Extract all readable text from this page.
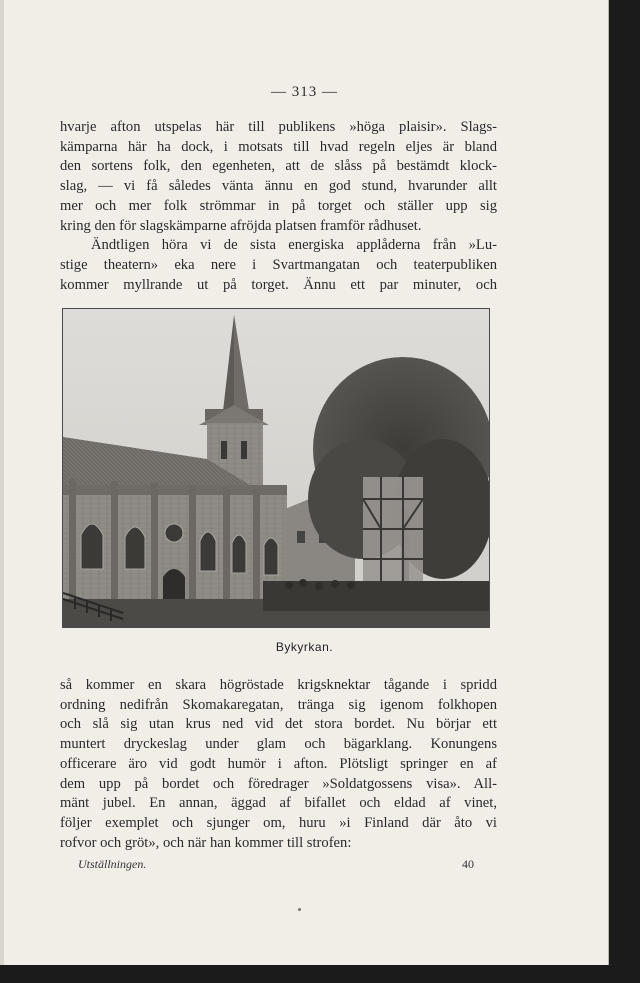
— 313 —

hvarje afton utspelas här till publikens »höga plaisir». Slags-
kämparna här ha dock, i motsats till hvad regeln eljes är bland
den sortens folk, den egenheten, att de slåss på bestämdt klock-
slag, — vi få således vänta ännu en god stund, hvarunder allt
mer och mer folk strömmar in på torget och ställer upp sig
kring den för slagskämparne afröjda platsen framför rådhuset.

Ändtligen höra vi de sista energiska applåderna från »Lu-
stige theatern» eka nere i Svartmangatan och teaterpubliken
kommer myllrande ut på torget. Ännu ett par minuter, och

Bykyrkan.

så kommer en skara högröstade krigsknektar tågande i spridd
ordning nedifrån Skomakaregatan, tränga sig igenom folkhopen
och slå sig utan krus ned vid det stora bordet. Nu börjar ett
muntert dryckeslag under glam och bägarklang. Konungens
officerare äro vid godt humör i afton. Plötsligt springer en af
dem upp på bordet och föredrager »Soldatgossens visa». All-
mänt jubel. En annan, äggad af bifallet och eldad af vinet,
följer exemplet och sjunger om, huru »i Finland där åto vi
rofvor och gröt», och när han kommer till strofen:

Utställningen.	40
